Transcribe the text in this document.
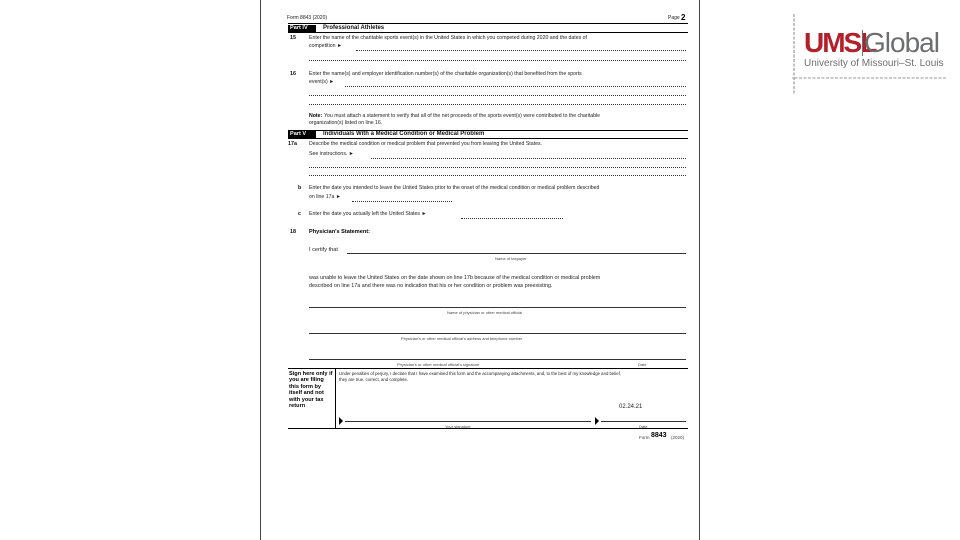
Form 8843 (2020)	Page 2
Part IV	Professional Athletes
15	Enter the name of the charitable sports event(s) in the United States in which you competed during 2020 and the dates of
competition ►
16	Enter the name(s) and employer identification number(s) of the charitable organization(s) that benefited from the sports
event(s) ►
Note: You must attach a statement to verify that all of the net proceeds of the sports event(s) were contributed to the charitable
organization(s) listed on line 16.
Part V	Individuals With a Medical Condition or Medical Problem
17a Describe the medical condition or medical problem that prevented you from leaving the United States.
See instructions. ►
b Enter the date you intended to leave the United States prior to the onset of the medical condition or medical problem described
on line 17a ►
c Enter the date you actually left the United States ►
18 Physician's Statement:
I certify that
Name of taxpayer
was unable to leave the United States on the date shown on line 17b because of the medical condition or medical problem
described on line 17a and there was no indication that his or her condition or problem was preexisting.
Name of physician or other medical official
Physician's or other medical official's address and telephone number
Physician's or other medical official's signature	Date
Sign here only if you are filing this form by itself and not with your tax return
Under penalties of perjury, I declare that I have examined this form and the accompanying attachments, and, to the best of my knowledge and belief,
they are true, correct, and complete.
02.24.21
Your signature	Date
Form 8843 (2020)
UMSL
Global
University of Missouri–St. Louis
